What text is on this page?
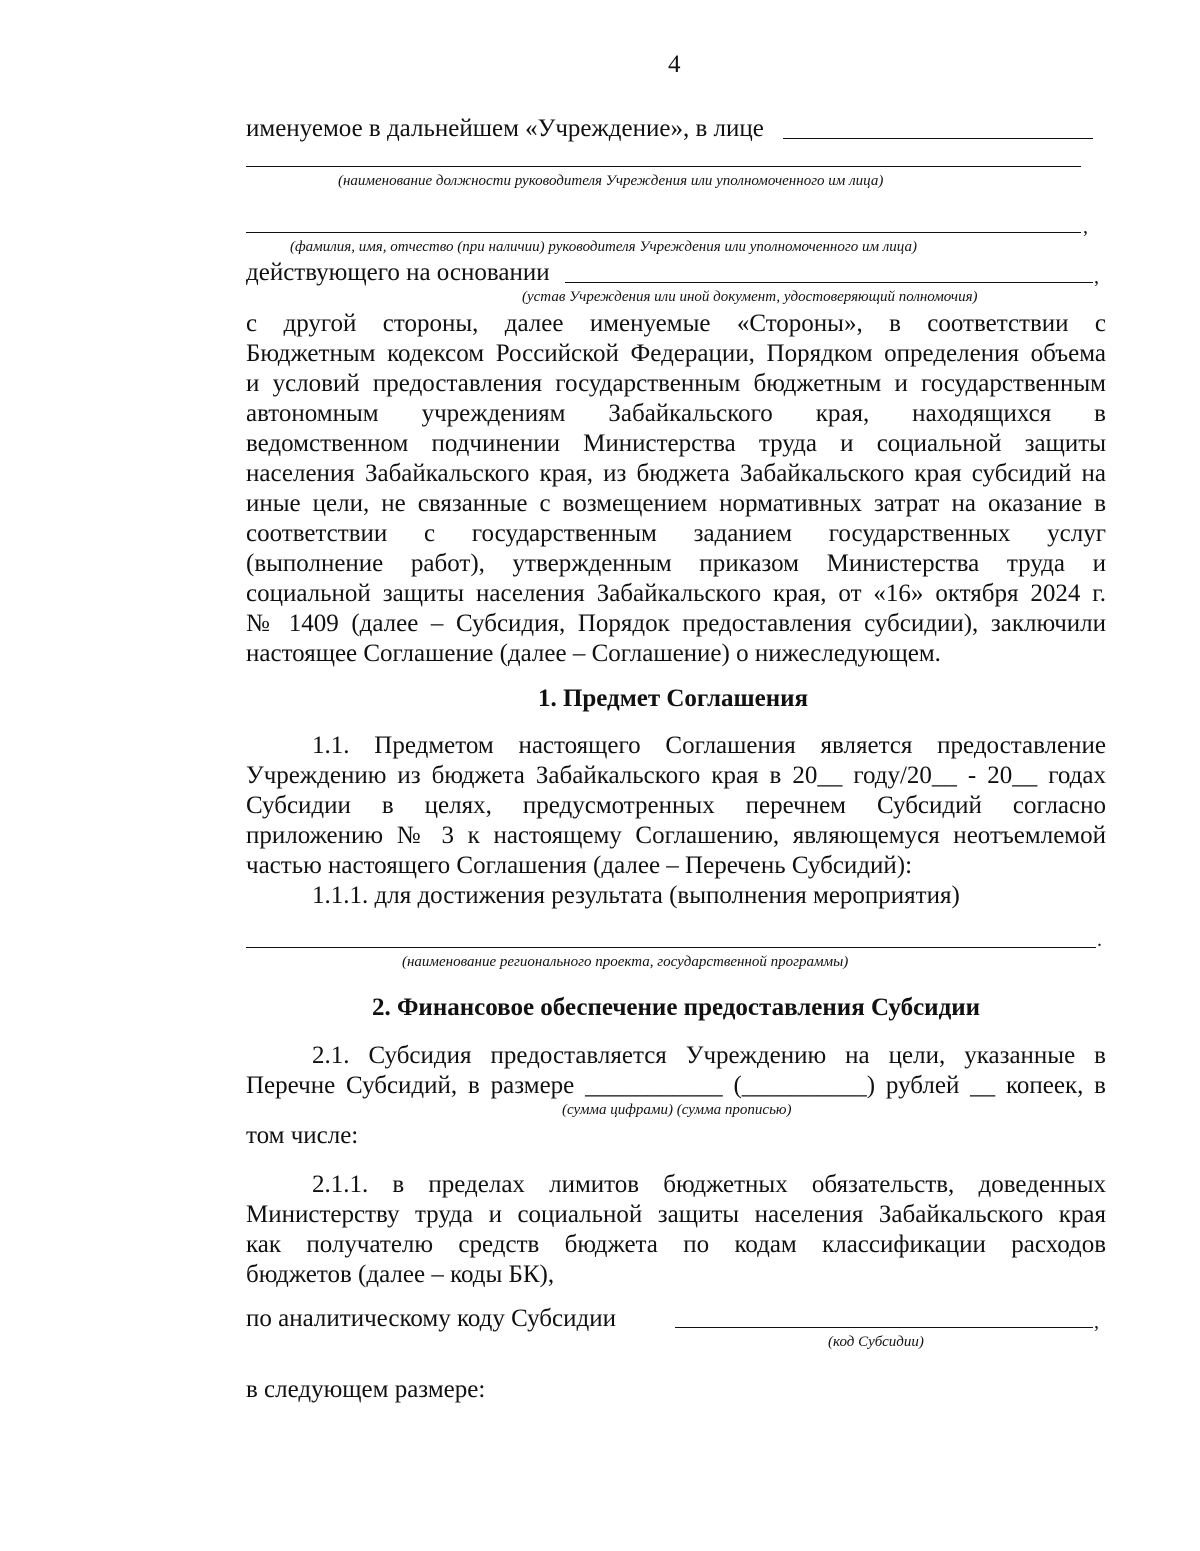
4
именуемое в дальнейшем «Учреждение», в лице
(наименование должности руководителя Учреждения или уполномоченного им лица)
,
(фамилия, имя, отчество (при наличии) руководителя Учреждения или уполномоченного им лица)
действующего на основании	,
(устав Учреждения или иной документ, удостоверяющий полномочия)
с другой стороны, далее именуемые «Стороны», в соответствии с
Бюджетным кодексом Российской Федерации, Порядком определения объема
и условий предоставления государственным бюджетным и государственным
автономным учреждениям Забайкальского края, находящихся в
ведомственном подчинении Министерства труда и социальной защиты
населения Забайкальского края, из бюджета Забайкальского края субсидий на
иные цели, не связанные с возмещением нормативных затрат на оказание в
соответствии с государственным заданием государственных услуг
(выполнение работ), утвержденным приказом Министерства труда и
социальной защиты населения Забайкальского края, от «16» октября 2024 г.
№ 1409 (далее – Субсидия, Порядок предоставления субсидии), заключили
настоящее Соглашение (далее – Соглашение) о нижеследующем.
1. Предмет Соглашения
1.1. Предметом настоящего Соглашения является предоставление
Учреждению из бюджета Забайкальского края в 20__ году/20__ - 20__ годах
Субсидии в целях, предусмотренных перечнем Субсидий согласно
приложению № 3 к настоящему Соглашению, являющемуся неотъемлемой
частью настоящего Соглашения (далее – Перечень Субсидий):
1.1.1. для достижения результата (выполнения мероприятия)
.
(наименование регионального проекта, государственной программы)
2. Финансовое обеспечение предоставления Субсидии
2.1. Субсидия предоставляется Учреждению на цели, указанные в
Перечне Субсидий, в размере ___________ (__________) рублей __ копеек, в
(сумма цифрами) (сумма прописью)
том числе:
2.1.1. в пределах лимитов бюджетных обязательств, доведенных
Министерству труда и социальной защиты населения Забайкальского края
как получателю средств бюджета по кодам классификации расходов
бюджетов (далее – коды БК),
по аналитическому коду Субсидии	,
(код Субсидии)
в следующем размере:
